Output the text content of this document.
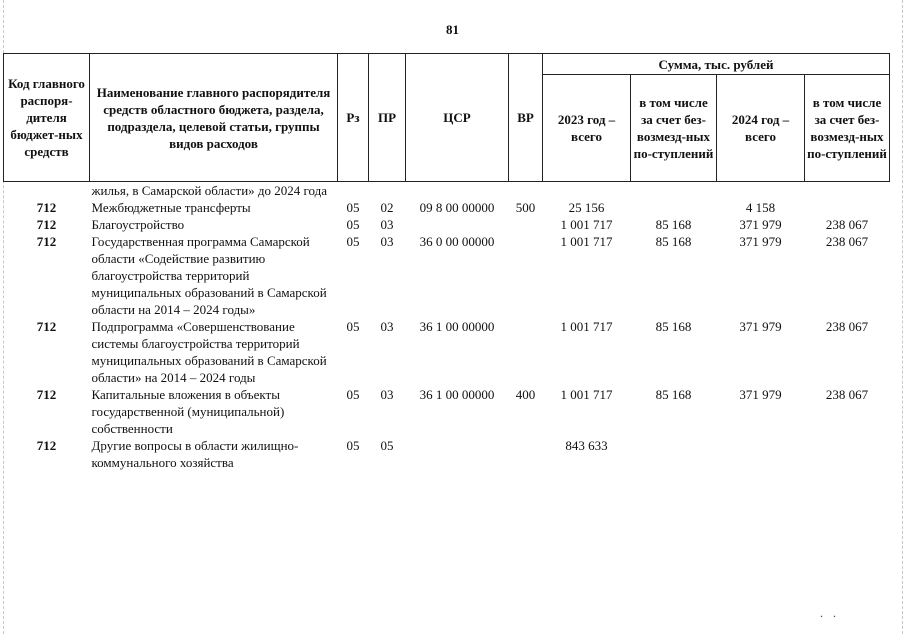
81
Код главного распоря-дителя бюджет-ных средств	Наименование главного распорядителя средств областного бюджета, раздела, подраздела, целевой статьи, группы видов расходов	Рз	ПР	ЦСР	ВР	Сумма, тыс. рублей			
						2023 год – всего	в том числе за счет без-возмезд-ных по-ступлений	2024 год – всего	в том числе за счет без-возмезд-ных по-ступлений
	жилья, в Самарской области» до 2024 года								
712	Межбюджетные трансферты	05	02	09 8 00 00000	500	25 156		4 158	
712	Благоустройство	05	03			1 001 717	85 168	371 979	238 067
712	Государственная программа Самарской области «Содействие развитию благоустройства территорий муниципальных образований в Самарской области на 2014 – 2024 годы»	05	03	36 0 00 00000		1 001 717	85 168	371 979	238 067
712	Подпрограмма «Совершенствование системы благоустройства территорий муниципальных образований в Самарской области» на 2014 – 2024 годы	05	03	36 1 00 00000		1 001 717	85 168	371 979	238 067
712	Капитальные вложения в объекты государственной (муниципальной) собственности	05	03	36 1 00 00000	400	1 001 717	85 168	371 979	238 067
712	Другие вопросы в области жилищно-коммунального хозяйства	05	05			843 633			
..
